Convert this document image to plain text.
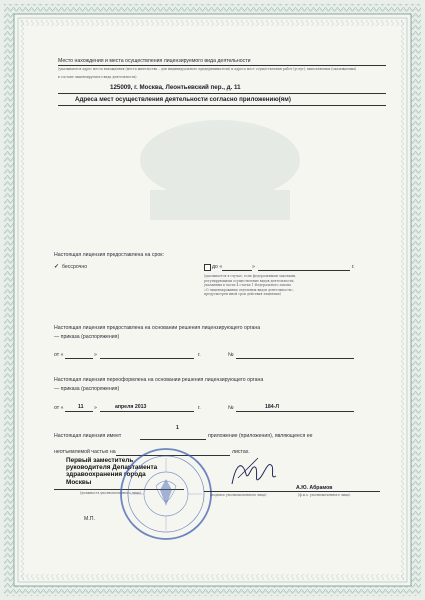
Место нахождения и места осуществления лицензируемого вида деятельности
(указываются адрес места нахождения (места жительства – для индивидуального предпринимателя) и адреса мест осуществления работ (услуг), выполняемых (оказываемых)
в составе лицензируемого вида деятельности)
125009, г. Москва, Леонтьевский пер., д. 11
Адреса мест осуществления деятельности согласно приложению(ям)
Настоящая лицензия предоставлена на срок:
✓ бессрочно	до «	»	г.
(указывается в случае, если федеральными законами,
регулирующими осуществление видов деятельности,
указанных в части 4 статьи 1 Федерального закона
«О лицензировании отдельных видов деятельности»,
предусмотрен иной срок действия лицензии)
Настоящая лицензия предоставлена на основании решения лицензирующего органа
— приказа (распоряжения)
от «	»	г.	№
Настоящая лицензия переоформлена на основании решения лицензирующего органа
— приказа (распоряжения)
от «	11 »	апреля 2013	г.	№	184-Л
Настоящая лицензия имеет
1
приложение (приложения), являющееся ее
неотъемлемой частью на	листах.
Первый заместитель
руководителя Департамента
здравоохранения города
Москвы
(должность уполномоченного лица)	(подпись уполномоченного лица)
А.Ю. Абрамов
(ф.и.о. уполномоченного лица)
М.П.
